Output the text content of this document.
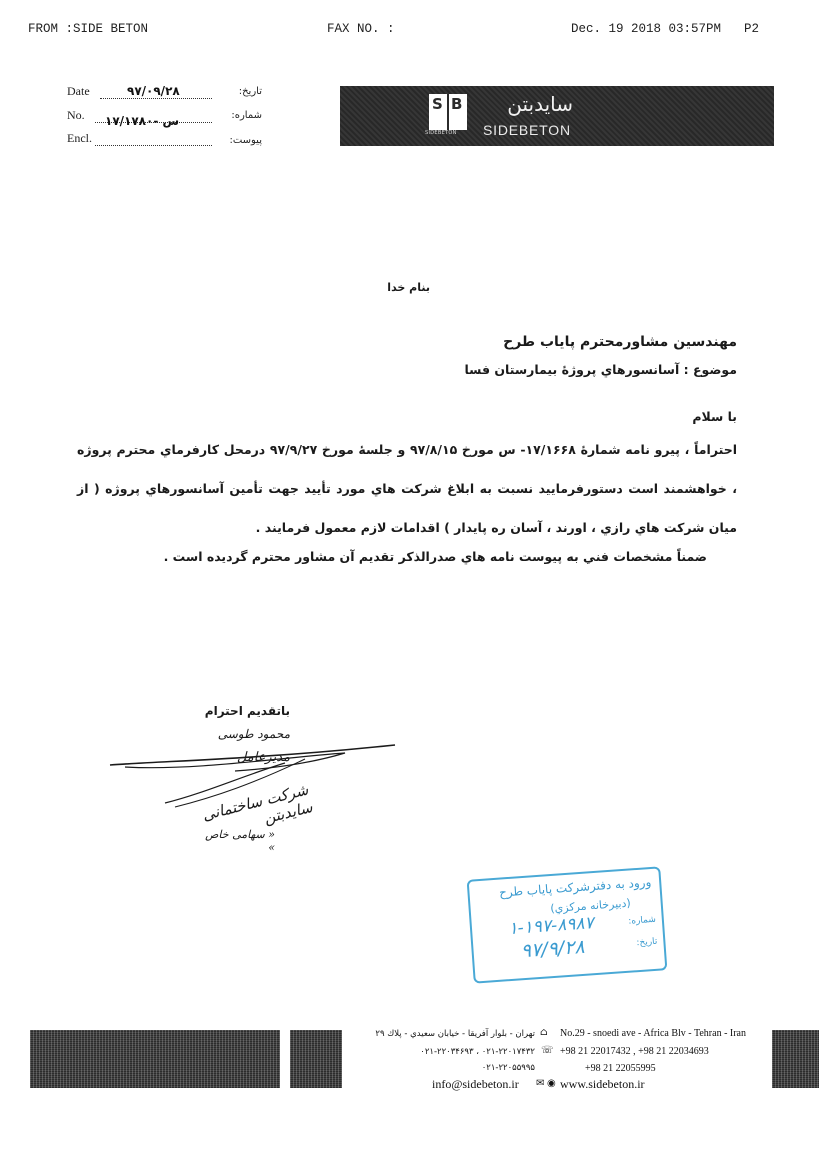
FROM :SIDE BETON	FAX NO. :	Dec. 19 2018 03:57PM P2
Date	۹۷/۰۹/۲۸	تاريخ:
No. ۱۷/۱۷۸۰- س	شماره:
Encl.	پيوست:
S B
SIDEBETON
سايدبتن
SIDEBETON
بنام خدا
مهندسين مشاورمحترم پاياب طرح
موضوع : آسانسورهاي پروژۀ بيمارستان فسا
با سلام
احتراماً ، پيرو نامه شمارۀ ۱۷/۱۶۶۸- س مورخ ۹۷/۸/۱۵ و جلسۀ مورخ ۹۷/۹/۲۷ درمحل كارفرماي محترم پروژه ، خواهشمند است دستورفرماييد نسبت به ابلاغ شركت هاي مورد تأييد جهت تأمين آسانسورهاي پروژه ( از ميان شركت هاي رازي ، اورند ، آسان ره پايدار ) اقدامات لازم معمول فرمايند .
ضمناً مشخصات فني به پيوست نامه هاي صدرالذكر تقديم آن مشاور محترم گرديده است .
باتقديم احترام
محمود طوسی
مدیرعامل
شرکت ساختمانی سایدبتن
« سهامی خاص »
ورود به دفترشركت پاياب طرح
(دبيرخانه مركزي)
شماره:
۱-۱۹۷-۸۹۸۷
تاريخ:
۹۷/۹/۲۸
تهران - بلوار آفريقا - خيابان سعيدي - پلاك ۲۹
۰۲۱-۲۲۰۱۷۴۳۲ ، ۰۲۱-۲۲۰۳۴۶۹۳
۰۲۱-۲۲۰۵۵۹۹۵
⌂
☏
No.29 - snoedi ave - Africa Blv - Tehran - Iran
+98 21 22017432 , +98 21 22034693
+98 21 22055995
info@sidebeton.ir ✉ ◉ www.sidebeton.ir
